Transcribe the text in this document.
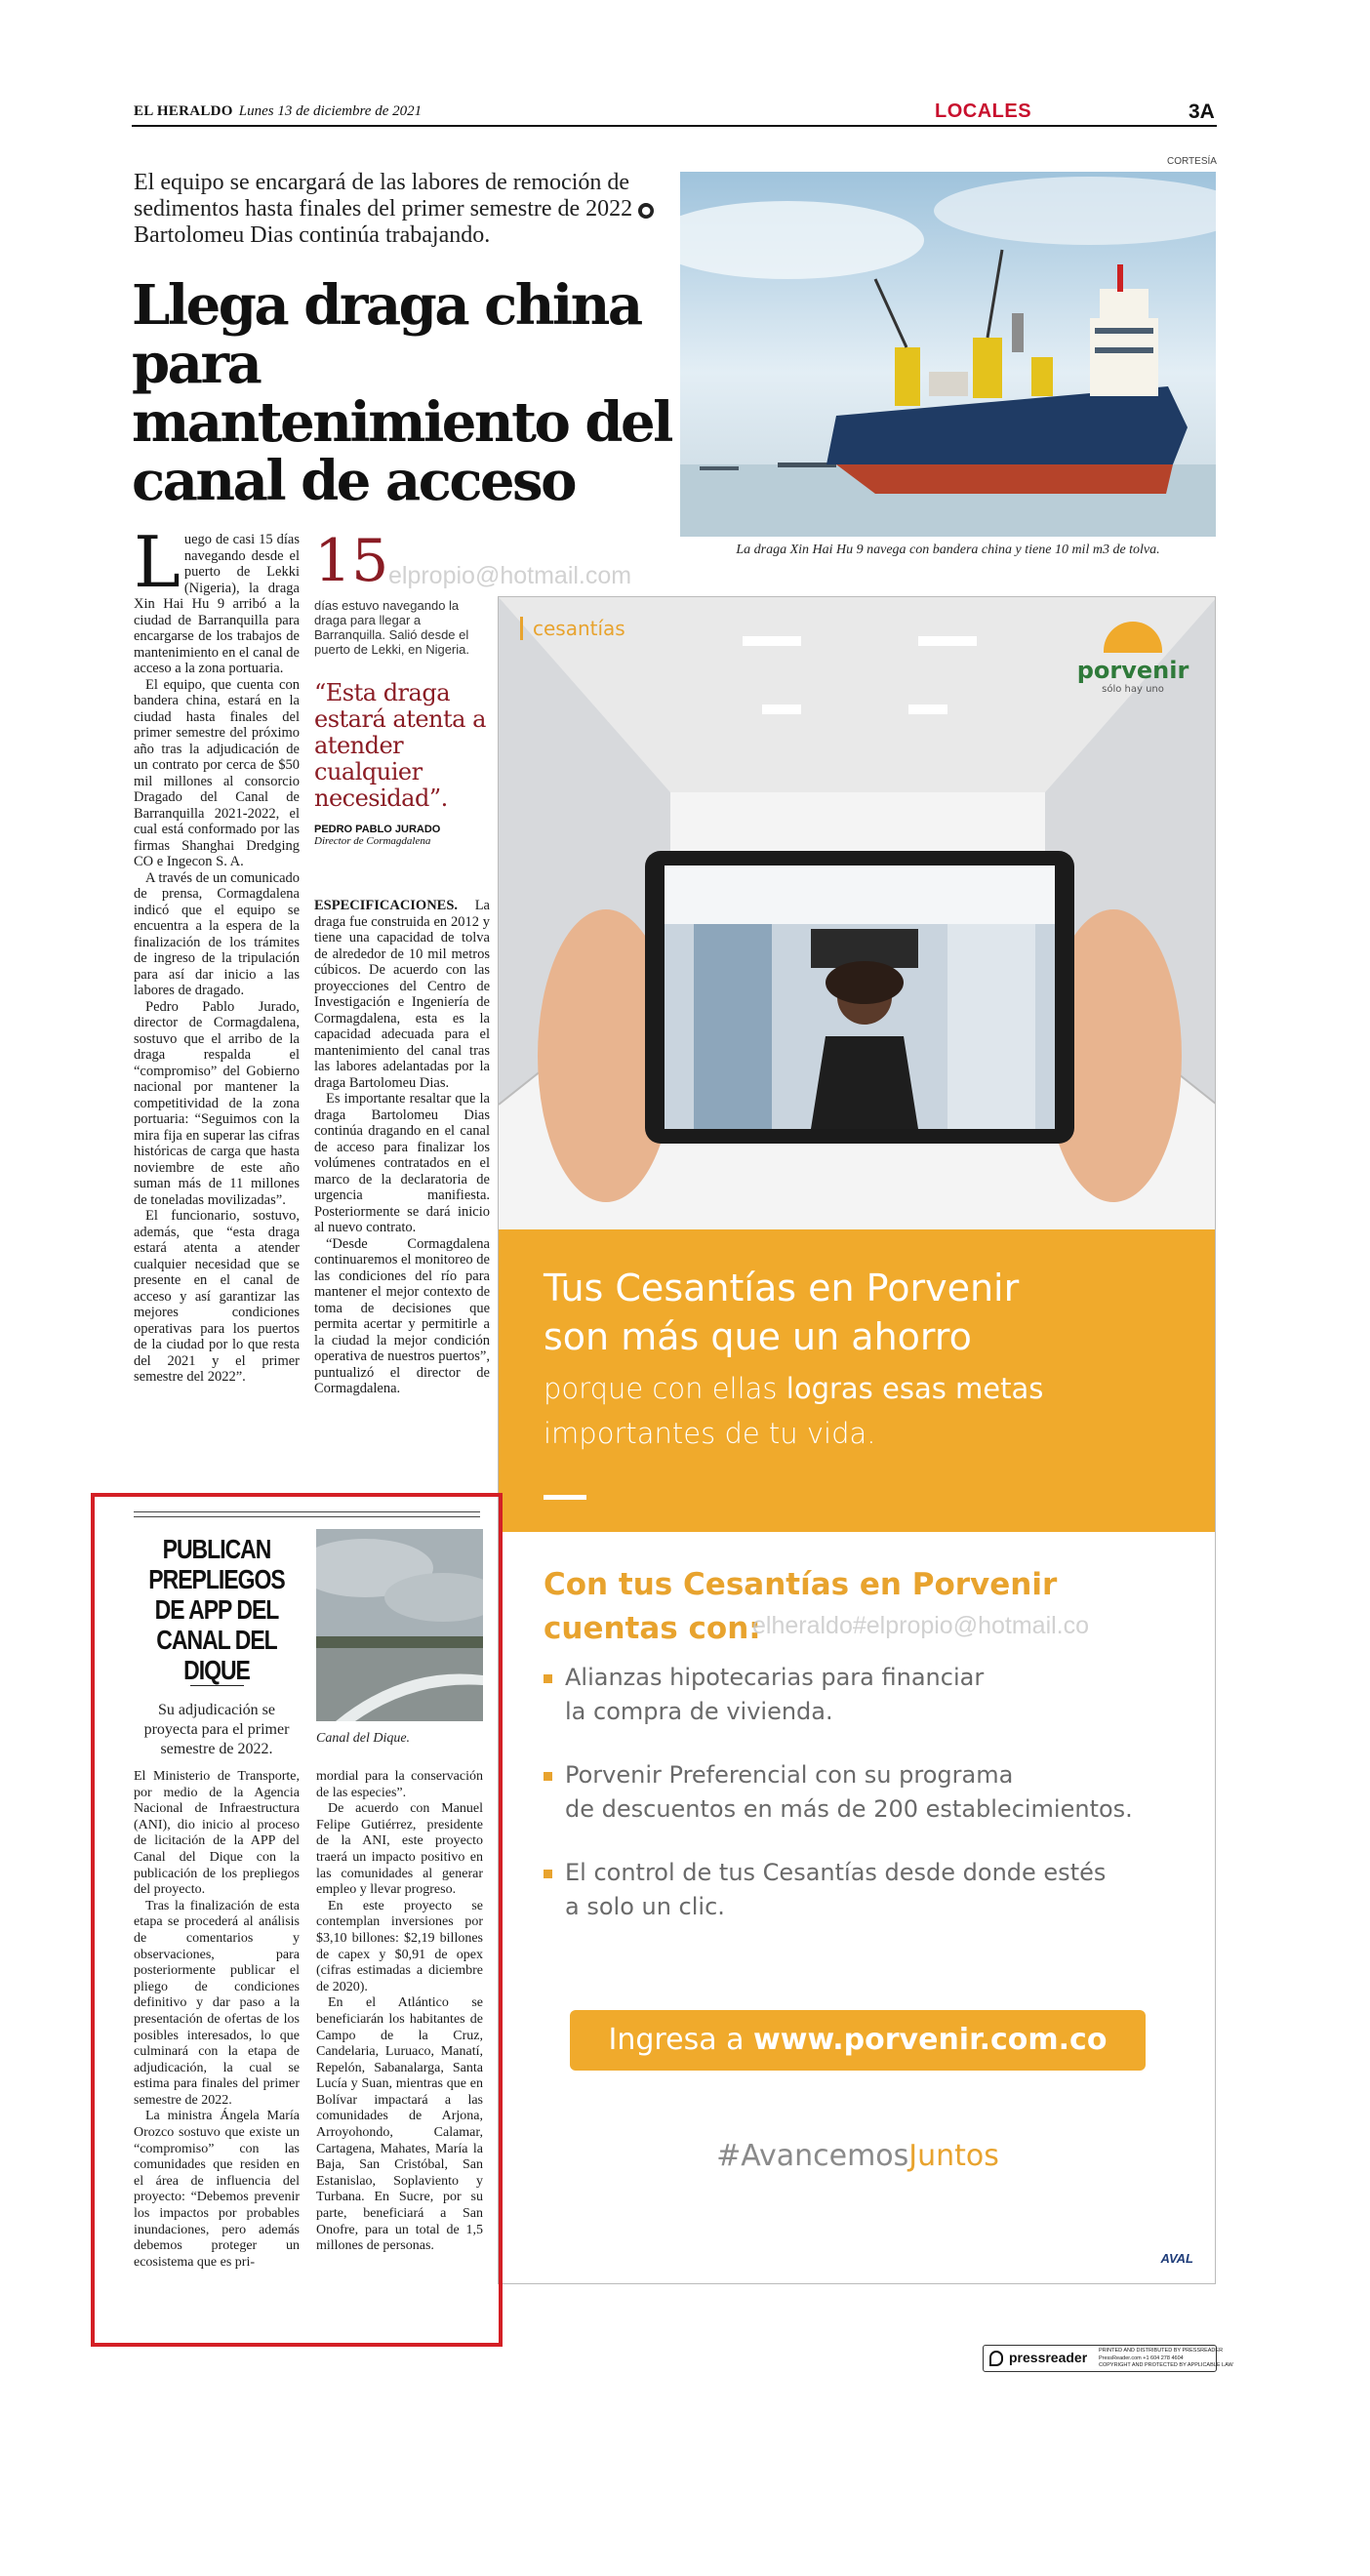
EL HERALDO Lunes 13 de diciembre de 2021	LOCALES	3A
El equipo se encargará de las labores de remoción de sedimentos hasta finales del primer semestre de 2022 ● Bartolomeu Dias continúa trabajando.
Llega draga china para mantenimiento del canal de acceso
CORTESÍA
La draga Xin Hai Hu 9 navega con bandera china y tiene 10 mil m3 de tolva.

Luego de casi 15 días navegando desde el puerto de Lekki (Nigeria), la draga Xin Hai Hu 9 arribó a la ciudad de Barranquilla para encargarse de los trabajos de mantenimiento en el canal de acceso a la zona portuaria.

El equipo, que cuenta con bandera china, estará en la ciudad hasta finales del primer semestre del próximo año tras la adjudicación de un contrato por cerca de $50 mil millones al consorcio Dragado del Canal de Barranquilla 2021-2022, el cual está conformado por las firmas Shanghai Dredging CO e Ingecon S. A.

A través de un comunicado de prensa, Cormagdalena indicó que el equipo se encuentra a la espera de la finalización de los trámites de ingreso de la tripulación para así dar inicio a las labores de dragado.

Pedro Pablo Jurado, director de Cormagdalena, sostuvo que el arribo de la draga respalda el “compromiso” del Gobierno nacional por mantener la competitividad de la zona portuaria: “Seguimos con la mira fija en superar las cifras históricas de carga que hasta noviembre de este año suman más de 11 millones de toneladas movilizadas”.

El funcionario, sostuvo, además, que “esta draga estará atenta a atender cualquier necesidad que se presente en el canal de acceso y así garantizar las mejores condiciones operativas para los puertos de la ciudad por lo que resta del 2021 y el primer semestre del 2022”.

15
días estuvo navegando la draga para llegar a Barranquilla. Salió desde el puerto de Lekki, en Nigeria.
“Esta draga estará atenta a atender cualquier necesidad”.
PEDRO PABLO JURADO
Director de Cormagdalena

ESPECIFICACIONES. La draga fue construida en 2012 y tiene una capacidad de tolva de alrededor de 10 mil metros cúbicos. De acuerdo con las proyecciones del Centro de Investigación e Ingeniería de Cormagdalena, esta es la capacidad adecuada para el mantenimiento del canal tras las labores adelantadas por la draga Bartolomeu Dias.

Es importante resaltar que la draga Bartolomeu Dias continúa dragando en el canal de acceso para finalizar los volúmenes contratados en el marco de la declaratoria de urgencia manifiesta. Posteriormente se dará inicio al nuevo contrato.

“Desde Cormagdalena continuaremos el monitoreo de las condiciones del río para mantener el mejor contexto de toma de decisiones que permita acertar y permitirle a la ciudad la mejor condición operativa de nuestros puertos”, puntualizó el director de Cormagdalena.

elpropio@hotmail.com
cesantías
porvenir
sólo hay uno
Tus Cesantías en Porvenir
son más que un ahorro
porque con ellas logras esas metas
importantes de tu vida.
Con tus Cesantías en Porvenir
cuentas con:
Alianzas hipotecarias para financiar
la compra de vivienda.
Porvenir Preferencial con su programa
de descuentos en más de 200 establecimientos.
El control de tus Cesantías desde donde estés
a solo un clic.
Ingresa a www.porvenir.com.co
#AvancemosJuntos
AVAL
elheraldo#elpropio@hotmail.co
PUBLICAN PREPLIEGOS DE APP DEL CANAL DEL DIQUE
Su adjudicación se proyecta para el primer semestre de 2022.
Canal del Dique.

El Ministerio de Transporte, por medio de la Agencia Nacional de Infraestructura (ANI), dio inicio al proceso de licitación de la APP del Canal del Dique con la publicación de los prepliegos del proyecto.

Tras la finalización de esta etapa se procederá al análisis de comentarios y observaciones, para posteriormente publicar el pliego de condiciones definitivo y dar paso a la presentación de ofertas de los posibles interesados, lo que culminará con la etapa de adjudicación, la cual se estima para finales del primer semestre de 2022.

La ministra Ángela María Orozco sostuvo que existe un “compromiso” con las comunidades que residen en el área de influencia del proyecto: “Debemos prevenir los impactos por probables inundaciones, pero además debemos proteger un ecosistema que es pri-

mordial para la conservación de las especies”.

De acuerdo con Manuel Felipe Gutiérrez, presidente de la ANI, este proyecto traerá un impacto positivo en las comunidades al generar empleo y llevar progreso.

En este proyecto se contemplan inversiones por $3,10 billones: $2,19 billones de capex y $0,91 de opex (cifras estimadas a diciembre de 2020).

En el Atlántico se beneficiarán los habitantes de Campo de la Cruz, Candelaria, Luruaco, Manatí, Repelón, Sabanalarga, Santa Lucía y Suan, mientras que en Bolívar impactará a las comunidades de Arjona, Arroyohondo, Calamar, Cartagena, Mahates, María la Baja, San Cristóbal, San Estanislao, Soplaviento y Turbana. En Sucre, por su parte, beneficiará a San Onofre, para un total de 1,5 millones de personas.

pressreader PRINTED AND DISTRIBUTED BY PRESSREADER
PressReader.com +1 604 278 4604
COPYRIGHT AND PROTECTED BY APPLICABLE LAW
